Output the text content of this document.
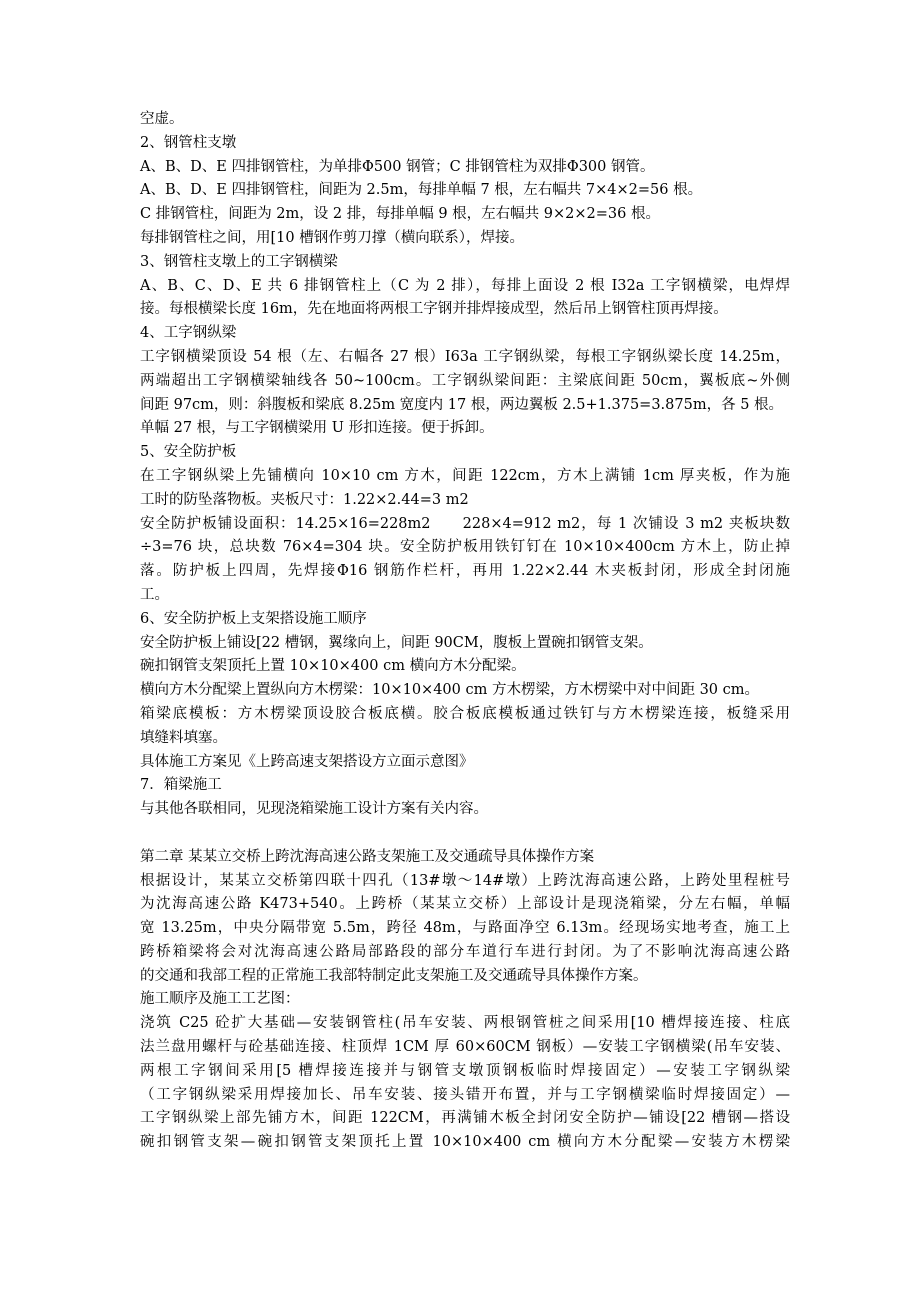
空虚。
2、钢管柱支墩
A、B、D、E 四排钢管柱，为单排Φ500 钢管；C 排钢管柱为双排Φ300 钢管。
A、B、D、E 四排钢管柱，间距为 2.5m，每排单幅 7 根，左右幅共 7×4×2=56 根。
C 排钢管柱，间距为 2m，设 2 排，每排单幅 9 根，左右幅共 9×2×2=36 根。
每排钢管柱之间，用[10 槽钢作剪刀撑（横向联系），焊接。
3、钢管柱支墩上的工字钢横梁
A、B、C、D、E 共 6 排钢管柱上（C 为 2 排），每排上面设 2 根 I32a 工字钢横梁，电焊焊
接。每根横梁长度 16m，先在地面将两根工字钢并排焊接成型，然后吊上钢管柱顶再焊接。
4、工字钢纵梁
工字钢横梁顶设 54 根（左、右幅各 27 根）I63a 工字钢纵梁，每根工字钢纵梁长度 14.25m，
两端超出工字钢横梁轴线各 50~100cm。工字钢纵梁间距：主梁底间距 50cm，翼板底~外侧
间距 97cm，则：斜腹板和梁底 8.25m 宽度内 17 根，两边翼板 2.5+1.375=3.875m，各 5 根。
单幅 27 根，与工字钢横梁用 U 形扣连接。便于拆卸。
5、安全防护板
在工字钢纵梁上先铺横向 10×10 cm 方木，间距 122cm，方木上满铺 1cm 厚夹板，作为施
工时的防坠落物板。夹板尺寸：1.22×2.44=3 m2
安全防护板铺设面积：14.25×16=228m2　　228×4=912 m2，每 1 次铺设 3 m2 夹板块数
÷3=76 块，总块数 76×4=304 块。安全防护板用铁钉钉在 10×10×400cm 方木上，防止掉
落。防护板上四周，先焊接Φ16 钢筋作栏杆，再用 1.22×2.44 木夹板封闭，形成全封闭施
工。
6、安全防护板上支架搭设施工顺序
安全防护板上铺设[22 槽钢，翼缘向上，间距 90CM，腹板上置碗扣钢管支架。
碗扣钢管支架顶托上置 10×10×400 cm 横向方木分配梁。
横向方木分配梁上置纵向方木楞梁：10×10×400 cm 方木楞梁，方木楞梁中对中间距 30 cm。
箱梁底模板：方木楞梁顶设胶合板底横。胶合板底模板通过铁钉与方木楞梁连接，板缝采用
填缝料填塞。
具体施工方案见《上跨高速支架搭设方立面示意图》
7．箱梁施工
与其他各联相同，见现浇箱梁施工设计方案有关内容。
第二章 某某立交桥上跨沈海高速公路支架施工及交通疏导具体操作方案
根据设计，某某立交桥第四联十四孔（13#墩～14#墩）上跨沈海高速公路，上跨处里程桩号
为沈海高速公路 K473+540。上跨桥（某某立交桥）上部设计是现浇箱梁，分左右幅，单幅
宽 13.25m，中央分隔带宽 5.5m，跨径 48m，与路面净空 6.13m。经现场实地考查，施工上
跨桥箱梁将会对沈海高速公路局部路段的部分车道行车进行封闭。为了不影响沈海高速公路
的交通和我部工程的正常施工我部特制定此支架施工及交通疏导具体操作方案。
施工顺序及施工工艺图：
浇筑 C25 砼扩大基础—安装钢管柱(吊车安装、两根钢管桩之间采用[10 槽焊接连接、柱底
法兰盘用螺杆与砼基础连接、柱顶焊 1CM 厚 60×60CM 钢板）—安装工字钢横梁(吊车安装、
两根工字钢间采用[5 槽焊接连接并与钢管支墩顶钢板临时焊接固定）—安装工字钢纵梁
（工字钢纵梁采用焊接加长、吊车安装、接头错开布置，并与工字钢横梁临时焊接固定）—
工字钢纵梁上部先铺方木，间距 122CM，再满铺木板全封闭安全防护—铺设[22 槽钢—搭设
碗扣钢管支架—碗扣钢管支架顶托上置 10×10×400 cm 横向方木分配梁—安装方木楞梁
